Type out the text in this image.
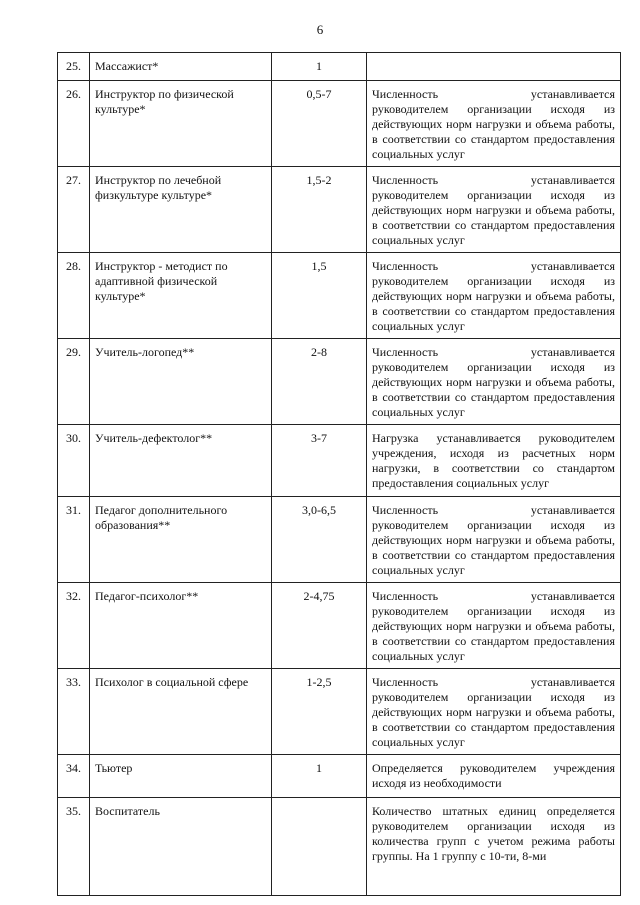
6
25.	Массажист*	1	

26.	Инструктор по физической культуре*	0,5-7	Численность устанавливается
руководителем организации исходя из действующих норм нагрузки и объема работы, в соответствии со стандартом предоставления социальных услуг

27.	Инструктор по лечебной физкультуре культуре*	1,5-2	Численность устанавливается
руководителем организации исходя из действующих норм нагрузки и объема работы, в соответствии со стандартом предоставления социальных услуг

28.	Инструктор - методист по адаптивной физической культуре*	1,5	Численность устанавливается
руководителем организации исходя из действующих норм нагрузки и объема работы, в соответствии со стандартом предоставления социальных услуг

29.	Учитель-логопед**	2-8	Численность устанавливается
руководителем организации исходя из действующих норм нагрузки и объема работы, в соответствии со стандартом предоставления социальных услуг

30.	Учитель-дефектолог**	3-7	Нагрузка устанавливается руководителем учреждения, исходя из расчетных норм нагрузки, в соответствии со стандартом предоставления социальных услуг

31.	Педагог дополнительного образования**	3,0-6,5	Численность устанавливается
руководителем организации исходя из действующих норм нагрузки и объема работы, в соответствии со стандартом предоставления социальных услуг

32.	Педагог-психолог**	2-4,75	Численность устанавливается
руководителем организации исходя из действующих норм нагрузки и объема работы, в соответствии со стандартом предоставления социальных услуг

33.	Психолог в социальной сфере	1-2,5	Численность устанавливается
руководителем организации исходя из действующих норм нагрузки и объема работы, в соответствии со стандартом предоставления социальных услуг

34.	Тьютер	1	Определяется руководителем учреждения исходя из необходимости

35.	Воспитатель		Количество штатных единиц определяется руководителем организации исходя из количества групп с учетом режима работы группы. На 1 группу с 10-ти, 8-ми
